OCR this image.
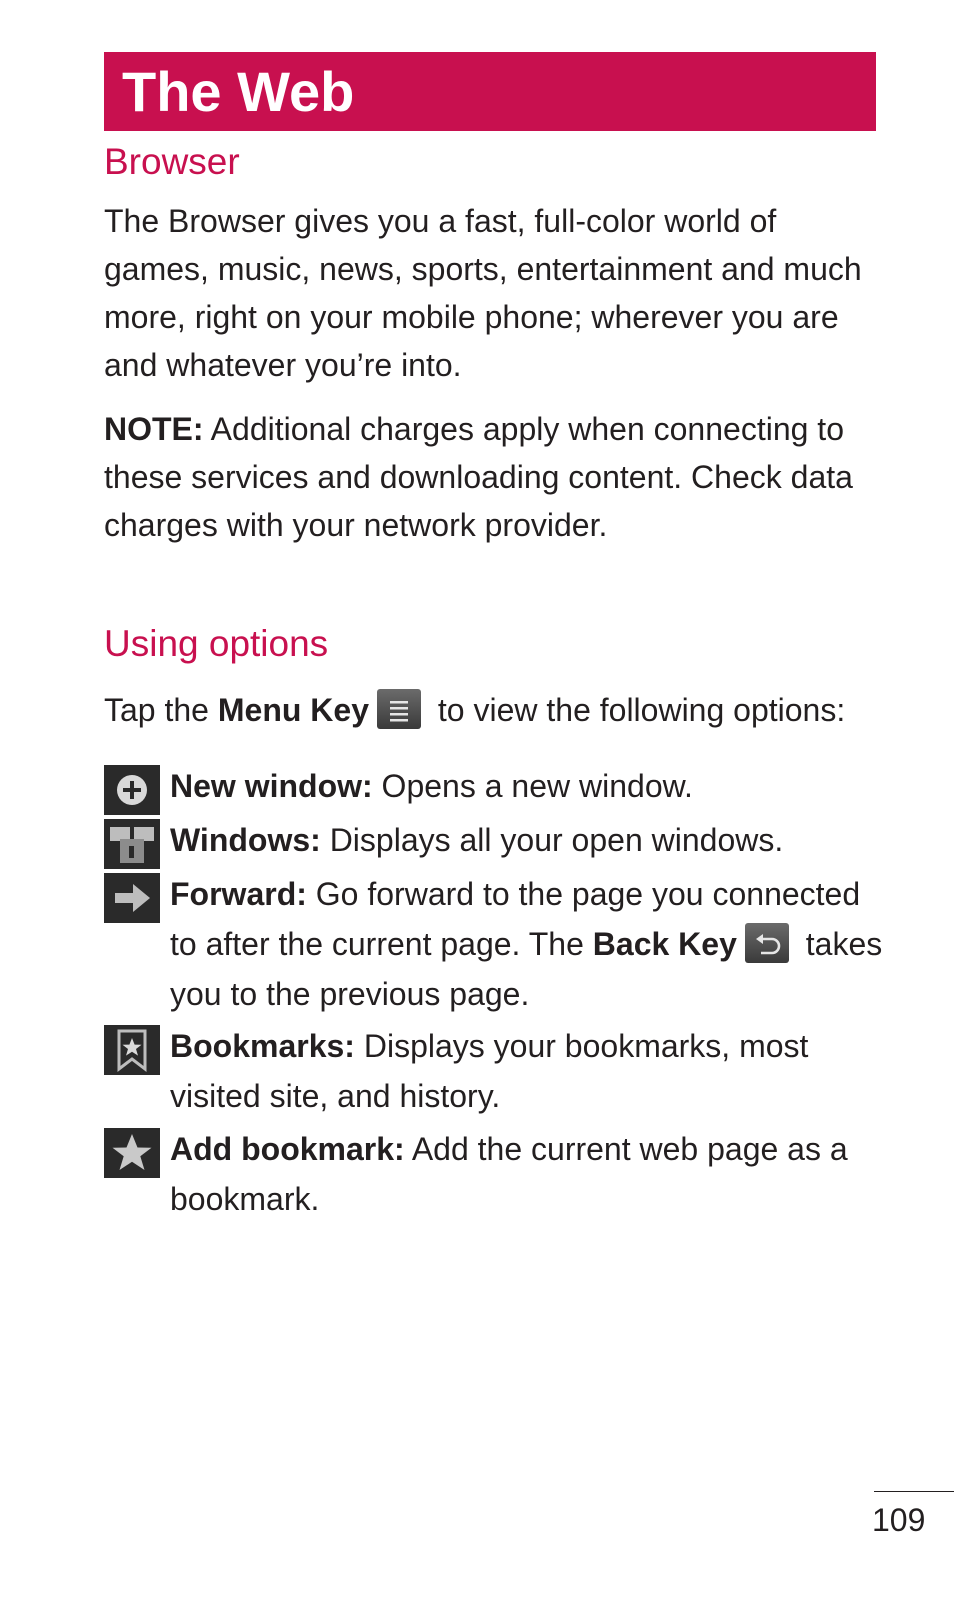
The Web
Browser
The Browser gives you a fast, full-color world of games, music, news, sports, entertainment and much more, right on your mobile phone; wherever you are and whatever you’re into.
NOTE: Additional charges apply when connecting to these services and downloading content. Check data charges with your network provider.
Using options
Tap the Menu Key
to view the following options:
New window: Opens a new window.
Windows: Displays all your open windows.
Forward: Go forward to the page you connected to after the current page. The Back Key
takes you to the previous page.
Bookmarks: Displays your bookmarks, most visited site, and history.
Add bookmark: Add the current web page as a bookmark.
109
